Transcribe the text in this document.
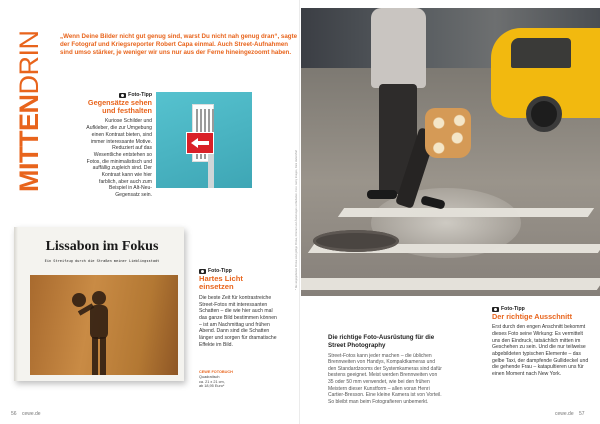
MITTENDRIN	„Wenn Deine Bilder nicht gut genug sind, warst Du nicht nah genug dran“, sagte der Fotograf und Kriegsreporter Robert Capa einmal. Auch Street-Aufnahmen sind umso stärker, je weniger wir uns nur aus der Ferne hineingezoomt haben.

Foto-Tipp
Gegensätze sehen und festhalten
Kuriose Schilder und Aufkleber, die zur Umgebung einen Kontrast bieten, sind immer interessante Motive. Reduziert auf das Wesentliche entstehen so Fotos, die minimalistisch und auffällig zugleich sind. Der Kontrast kann wie hier farblich, aber auch zum Beispiel in Alt-Neu-Gegensatz sein.
Lissabon im Fokus
Ein Streifzug durch die Straßen meiner Lieblingsstadt
Foto-Tipp
Hartes Licht einsetzen
Die beste Zeit für kontrastreiche Street-Fotos mit interessanten Schatten – die wie hier auch mal das ganze Bild bestimmen können – ist am Nachmittag und frühen Abend. Dann sind die Schatten länger und sorgen für dramatische Effekte im Bild.
CEWE FOTOBUCH
Quadratisch
ca. 21 x 21 cm,
ab 18,95 Euro*
56 cewe.de
* Die angegebenen Preise sind gültige Preise, Irrtümer und Änderungen vorbehalten. Foto: Getty Images, Dani Hubert/laif
Die richtige Foto-Ausrüstung für die Street Photography
Street-Fotos kann jeder machen – die üblichen Brennweiten von Handys, Kompaktkameras und den Standardzooms der Systemkameras sind dafür bestens geeignet. Meist werden Brennweiten von 35 oder 50 mm verwendet, wie bei den frühen Meistern dieser Kunstform – allen voran Henri Cartier-Bresson. Eine kleine Kamera ist von Vorteil. So bleibt man beim Fotografieren unbemerkt.
Foto-Tipp
Der richtige Ausschnitt
Erst durch den engen Anschnitt bekommt dieses Foto seine Wirkung: Es vermittelt uns den Eindruck, tatsächlich mitten im Geschehen zu sein. Und die nur teilweise abgebildeten typischen Elemente – das gelbe Taxi, der dampfende Gullideckel und die gehende Frau – katapultieren uns für einen Moment nach New York.
cewe.de 57
